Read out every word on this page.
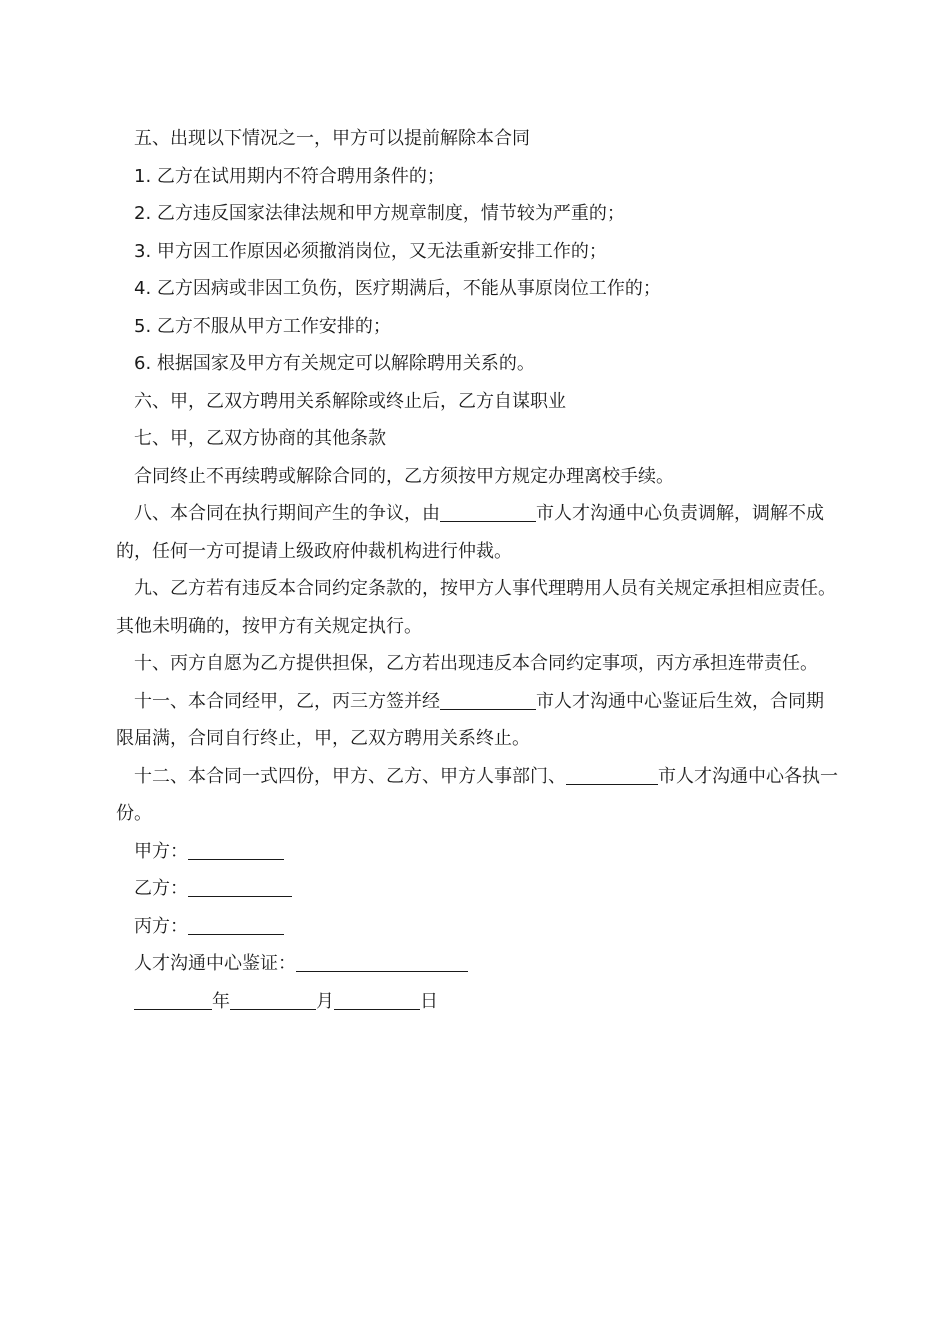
五、出现以下情况之一，甲方可以提前解除本合同

1. 乙方在试用期内不符合聘用条件的；

2. 乙方违反国家法律法规和甲方规章制度，情节较为严重的；

3. 甲方因工作原因必须撤消岗位，又无法重新安排工作的；

4. 乙方因病或非因工负伤，医疗期满后，不能从事原岗位工作的；

5. 乙方不服从甲方工作安排的；

6. 根据国家及甲方有关规定可以解除聘用关系的。

六、甲，乙双方聘用关系解除或终止后，乙方自谋职业

七、甲，乙双方协商的其他条款

合同终止不再续聘或解除合同的，乙方须按甲方规定办理离校手续。

八、本合同在执行期间产生的争议，由	市人才沟通中心负责调解，调解不成的，任何一方可提请上级政府仲裁机构进行仲裁。

九、乙方若有违反本合同约定条款的，按甲方人事代理聘用人员有关规定承担相应责任。其他未明确的，按甲方有关规定执行。

十、丙方自愿为乙方提供担保，乙方若出现违反本合同约定事项，丙方承担连带责任。

十一、本合同经甲，乙，丙三方签并经	市人才沟通中心鉴证后生效，合同期限届满，合同自行终止，甲，乙双方聘用关系终止。

十二、本合同一式四份，甲方、乙方、甲方人事部门、	市人才沟通中心各执一份。

甲方：

乙方：

丙方：

人才沟通中心鉴证：

年	月	日
